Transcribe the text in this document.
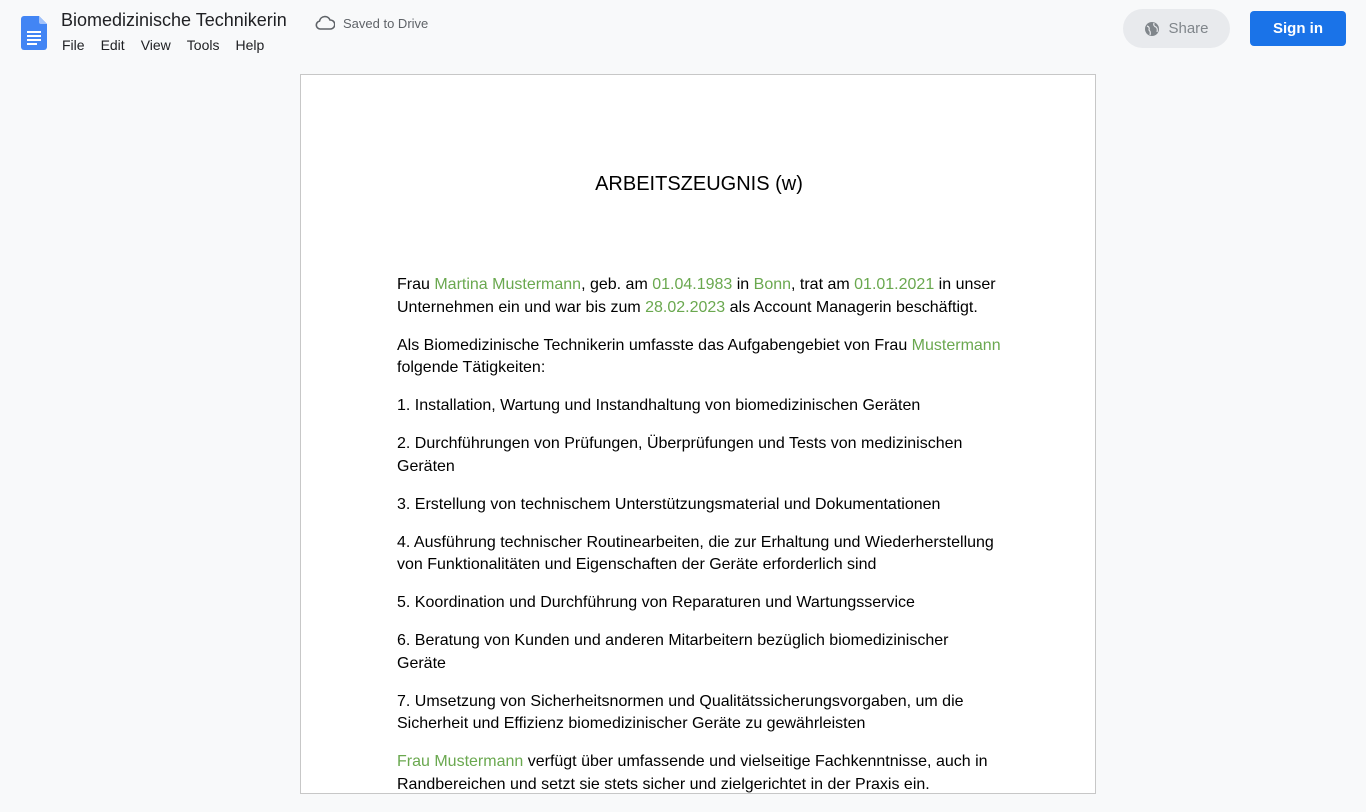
Biomedizinische Technikerin	Saved to Drive
File Edit View Tools Help
Share	Sign in
ARBEITSZEUGNIS (w)

Frau Martina Mustermann, geb. am 01.04.1983 in Bonn, trat am 01.01.2021 in unser Unternehmen ein und war bis zum 28.02.2023 als Account Managerin beschäftigt.

Als Biomedizinische Technikerin umfasste das Aufgabengebiet von Frau Mustermann folgende Tätigkeiten:

1. Installation, Wartung und Instandhaltung von biomedizinischen Geräten

2. Durchführungen von Prüfungen, Überprüfungen und Tests von medizinischen Geräten

3. Erstellung von technischem Unterstützungsmaterial und Dokumentationen

4. Ausführung technischer Routinearbeiten, die zur Erhaltung und Wiederherstellung von Funktionalitäten und Eigenschaften der Geräte erforderlich sind

5. Koordination und Durchführung von Reparaturen und Wartungsservice

6. Beratung von Kunden und anderen Mitarbeitern bezüglich biomedizinischer Geräte

7. Umsetzung von Sicherheitsnormen und Qualitätssicherungsvorgaben, um die Sicherheit und Effizienz biomedizinischer Geräte zu gewährleisten

Frau Mustermann verfügt über umfassende und vielseitige Fachkenntnisse, auch in Randbereichen und setzt sie stets sicher und zielgerichtet in der Praxis ein.
